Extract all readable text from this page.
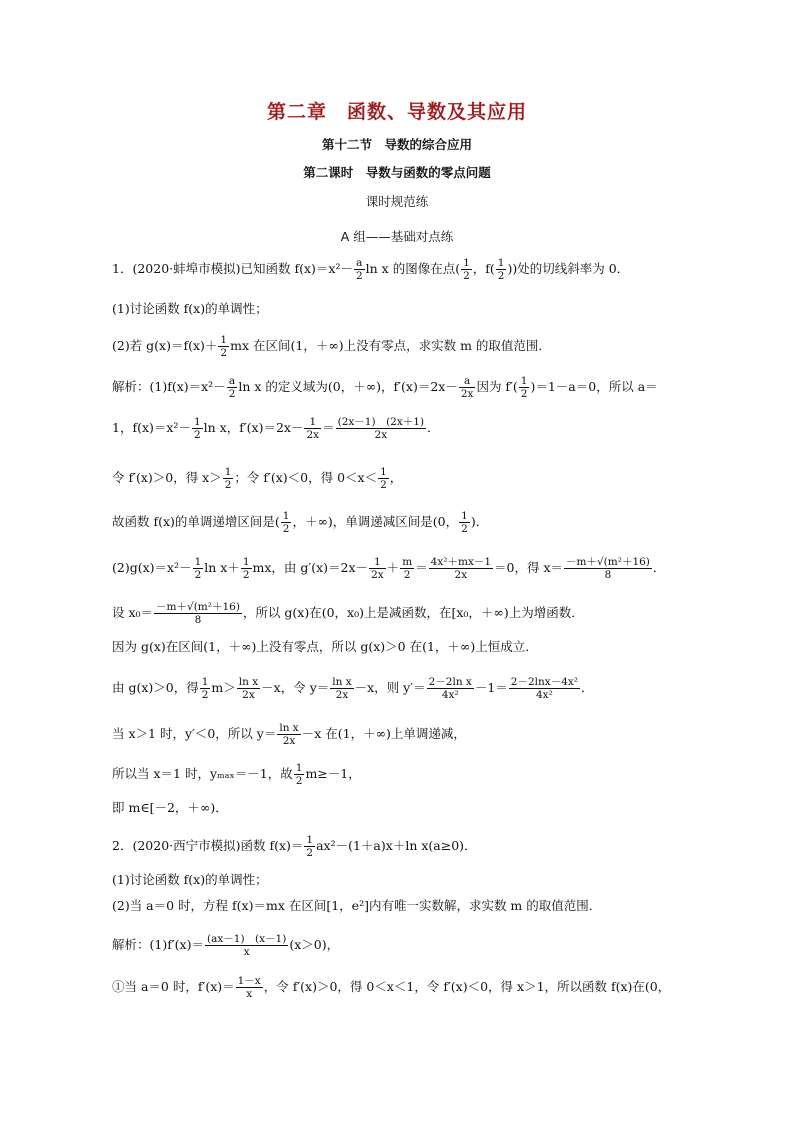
第二章　函数、导数及其应用
第十二节　导数的综合应用
第二课时　导数与函数的零点问题
课时规范练
A 组——基础对点练
1．(2020·蚌埠市模拟)已知函数 $f(x)=x^2- \frac{a}{2}$ ln x 的图像在点( $\frac{1}{2}$ ，$f( \frac{1}{2}$ ))处的切线斜率为 0．
(1)讨论函数 f(x)的单调性；
(2)若 $g(x)=f(x)+ \frac{1}{2}$ mx 在区间(1，＋∞)上没有零点，求实数 m 的取值范围．
解析：$(1)f(x)=x^2- \frac{a}{2}$ ln x 的定义域为(0，＋∞)，$f'(x)=2x- \frac{a}{2x}$ 因为 $f'( \frac{1}{2} )=1-a=0$，所以 a＝
1，$f(x)=x^2- \frac{1}{2}$ ln x，$f'(x)=2x- \frac{1}{2x} = \frac{(2x-1) (2x+1)}{2x}$ ．
令 f′(x)＞0，得 $x> \frac{1}{2}$ ；令 f′(x)＜0，得 $0<x< \frac{1}{2}$ ，
故函数 f(x)的单调递增区间是( $\frac{1}{2}$ ，＋∞)，单调递减区间是(0， $\frac{1}{2}$ )．
$(2)g(x)=x^2- \frac{1}{2}$ $\ln x+ \frac{1}{2}$ mx，由 $g'(x)=2x- \frac{1}{2x} + \frac{m}{2} = \frac{\text{4x²＋mx－1}}{2x} =0$，得 $x= \frac{\text{－m＋√(m²＋16)}}{8}$ ．
设 $x_0= \frac{\text{－m＋√(m²＋16)}}{8}$ ，所以 g(x)在(0，x₀)上是减函数，在[x₀，＋∞)上为增函数．
因为 g(x)在区间(1，＋∞)上没有零点，所以 g(x)＞0 在(1，＋∞)上恒成立．
由 g(x)＞0，得 $\frac{1}{2} m> \frac{\text{ln x}}{2x} -x$，令 $y= \frac{\text{ln x}}{2x} -x$，则 $y'= \frac{\text{2－2ln x}}{\text{4x²}} -1= \frac{\text{2－2lnx－4x²}}{\text{4x²}}$ ．
当 x＞1 时，y′＜0，所以 $y= \frac{\text{ln x}}{2x} -x$ 在(1，＋∞)上单调递减，
所以当 x＝1 时，yₘₐₓ＝－1，故 $\frac{1}{2} m\ge-1$，
即 m∈[－2，＋∞)．
2．(2020·西宁市模拟)函数 $f(x)= \frac{1}{2} ax^2-(1+a)x+\ln$ x(a≥0)．
(1)讨论函数 f(x)的单调性；
(2)当 a＝0 时，方程 f(x)＝mx 在区间[1，e²]内有唯一实数解，求实数 m 的取值范围．
解析：$(1)f'(x)= \frac{(ax-1) (x-1)}{x} (x>0)$，
①当 a＝0 时，$f'(x)= \frac{1-x}{x}$ ，令 f′(x)＞0，得 0＜x＜1，令 f′(x)＜0，得 x＞1，所以函数 f(x)在(0，
